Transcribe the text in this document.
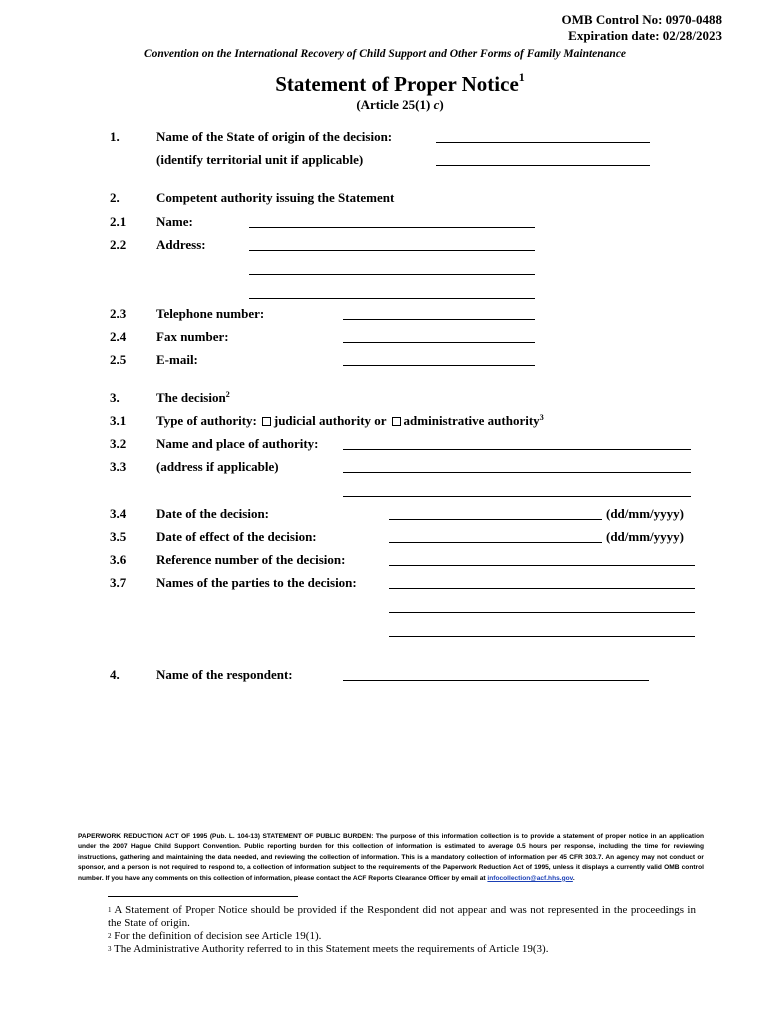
OMB Control No: 0970-0488
Expiration date: 02/28/2023
Convention on the International Recovery of Child Support and Other Forms of Family Maintenance
Statement of Proper Notice$^1$
(Article 25(1) c)
1.	Name of the State of origin of the decision:
(identify territorial unit if applicable)
2.	Competent authority issuing the Statement
2.1 Name:
2.2 Address:
2.3 Telephone number:
2.4 Fax number:
2.5 E-mail:
3.	The decision$^2$
3.1 Type of authority: judicial authority or administrative authority$^3$
3.2 Name and place of authority:
3.3 (address if applicable)
3.4 Date of the decision:	(dd/mm/yyyy)
3.5 Date of effect of the decision:	(dd/mm/yyyy)
3.6 Reference number of the decision:
3.7 Names of the parties to the decision:
4.	Name of the respondent:
PAPERWORK REDUCTION ACT OF 1995 (Pub. L. 104-13) STATEMENT OF PUBLIC BURDEN: The purpose of this information collection is to provide a statement of proper notice in an application under the 2007 Hague Child Support Convention. Public reporting burden for this collection of information is estimated to average 0.5 hours per response, including the time for reviewing instructions, gathering and maintaining the data needed, and reviewing the collection of information. This is a mandatory collection of information per 45 CFR 303.7. An agency may not conduct or sponsor, and a person is not required to respond to, a collection of information subject to the requirements of the Paperwork Reduction Act of 1995, unless it displays a currently valid OMB control number. If you have any comments on this collection of information, please contact the ACF Reports Clearance Officer by email at infocollection@acf.hhs.gov.

$^1$ A Statement of Proper Notice should be provided if the Respondent did not appear and was not represented in the proceedings in the State of origin.

$^2$ For the definition of decision see Article 19(1).

$^3$ The Administrative Authority referred to in this Statement meets the requirements of Article 19(3).
